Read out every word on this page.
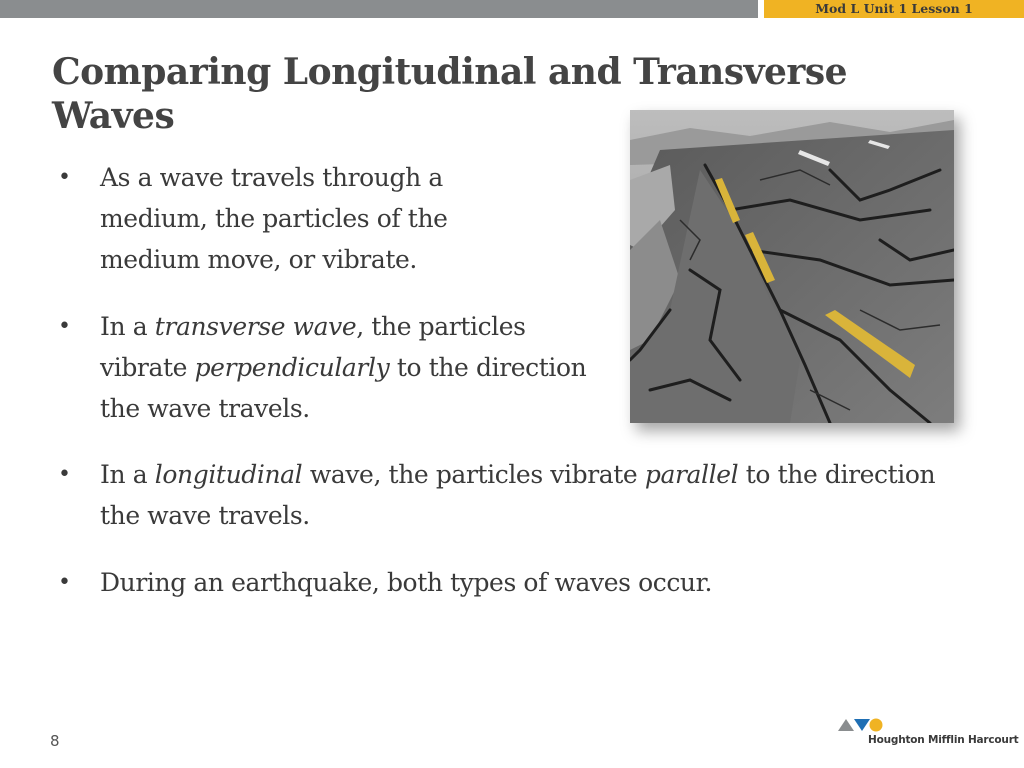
Mod L Unit 1 Lesson 1
Comparing Longitudinal and Transverse Waves
• As a wave travels through a medium, the particles of the medium move, or vibrate.
• In a transverse wave, the particles vibrate perpendicularly to the direction the wave travels.
• In a longitudinal wave, the particles vibrate parallel to the direction the wave travels.
• During an earthquake, both types of waves occur.
8	Houghton Mifflin Harcourt
